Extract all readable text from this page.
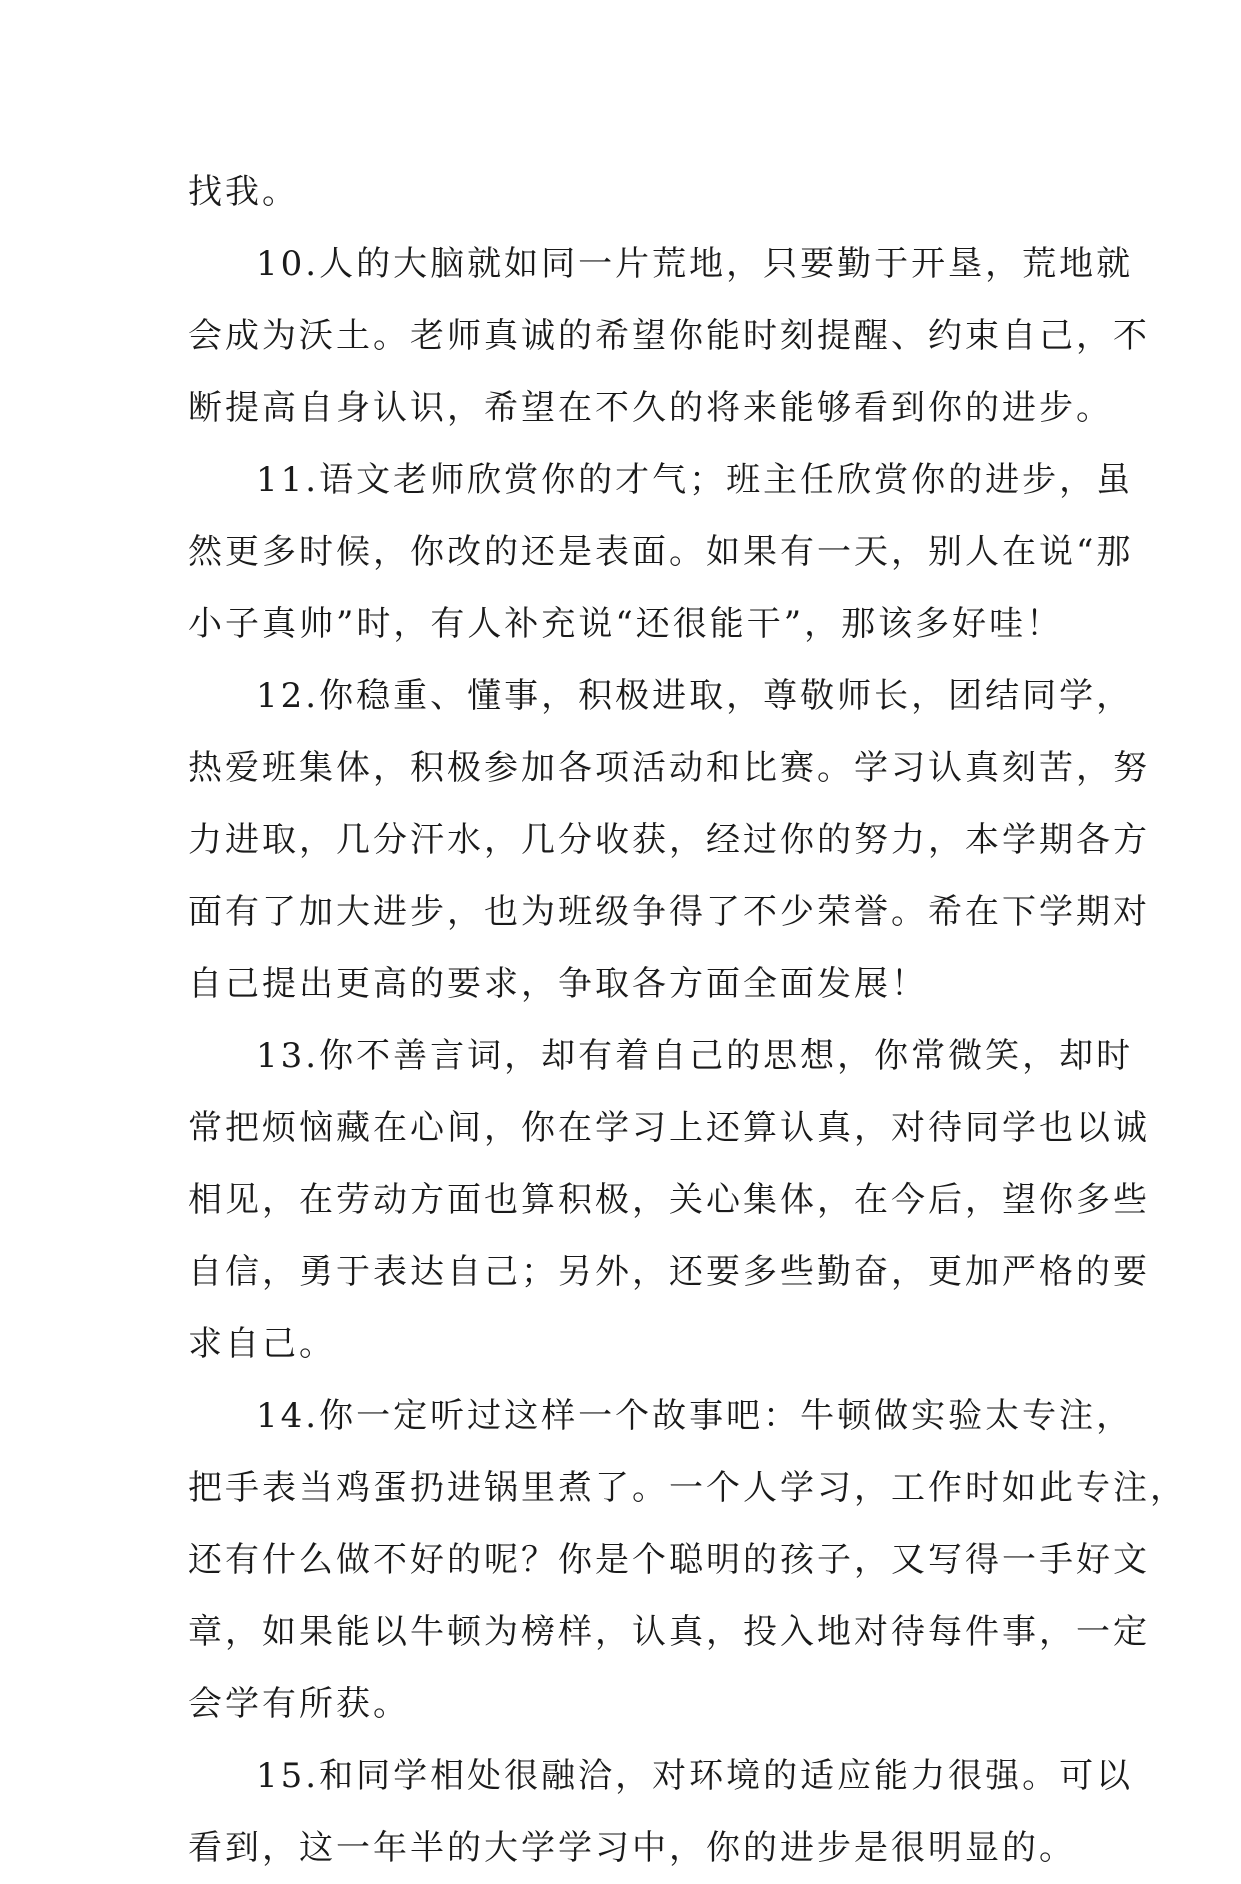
找我。
10.人的大脑就如同一片荒地，只要勤于开垦，荒地就
会成为沃土。老师真诚的希望你能时刻提醒、约束自己，不
断提高自身认识，希望在不久的将来能够看到你的进步。
11.语文老师欣赏你的才气；班主任欣赏你的进步，虽
然更多时候，你改的还是表面。如果有一天，别人在说“那
小子真帅”时，有人补充说“还很能干”，那该多好哇！
12.你稳重、懂事，积极进取，尊敬师长，团结同学，
热爱班集体，积极参加各项活动和比赛。学习认真刻苦，努
力进取，几分汗水，几分收获，经过你的努力，本学期各方
面有了加大进步，也为班级争得了不少荣誉。希在下学期对
自己提出更高的要求，争取各方面全面发展！
13.你不善言词，却有着自己的思想，你常微笑，却时
常把烦恼藏在心间，你在学习上还算认真，对待同学也以诚
相见，在劳动方面也算积极，关心集体，在今后，望你多些
自信，勇于表达自己；另外，还要多些勤奋，更加严格的要
求自己。
14.你一定听过这样一个故事吧：牛顿做实验太专注，
把手表当鸡蛋扔进锅里煮了。一个人学习，工作时如此专注，
还有什么做不好的呢？你是个聪明的孩子，又写得一手好文
章，如果能以牛顿为榜样，认真，投入地对待每件事，一定
会学有所获。
15.和同学相处很融洽，对环境的适应能力很强。可以
看到，这一年半的大学学习中，你的进步是很明显的。
